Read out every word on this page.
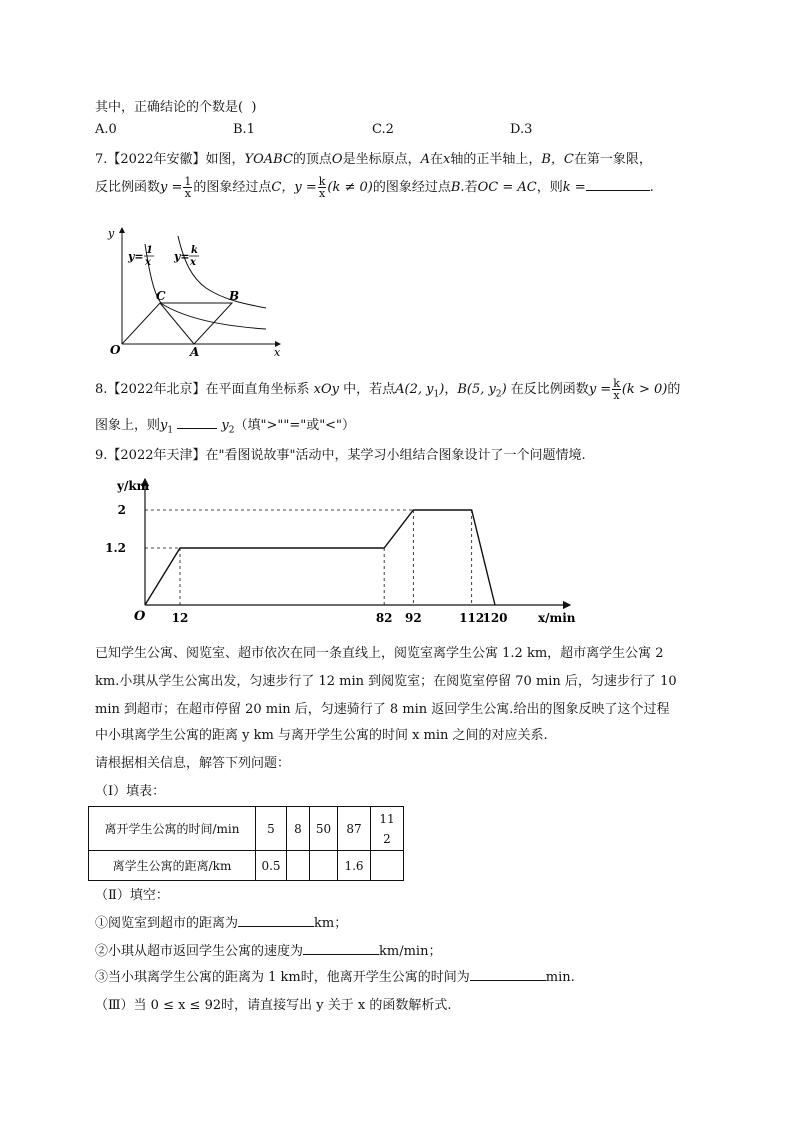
其中，正确结论的个数是(  )
A.0	B.1	C.2	D.3
7.【2022年安徽】如图，YOABC的顶点O是坐标原点，A在x轴的正半轴上，B，C在第一象限，
反比例函数$y = \frac{1}{x}$ 的图象经过点C，$y = \frac{k}{x} (k \ne 0)$的图象经过点B.若OC = AC，则k =	.
y
x
O	A
B
C
y= 1
x y= k
x
8.【2022年北京】在平面直角坐标系 xOy 中，若点A(2, $y_1$)，B(5, $y_2$) 在反比例函数$y = \frac{k}{x} (k > 0)$的
图象上，则$y_1$	$y_2$（填">""="或"<"）
9.【2022年天津】在"看图说故事"活动中，某学习小组结合图象设计了一个问题情境.
y/km
x/min
O
1.2
2
12	82 92	112
120
已知学生公寓、阅览室、超市依次在同一条直线上，阅览室离学生公寓 1.2 km，超市离学生公寓 2
km.小琪从学生公寓出发，匀速步行了 12 min 到阅览室；在阅览室停留 70 min 后，匀速步行了 10
min 到超市；在超市停留 20 min 后，匀速骑行了 8 min 返回学生公寓.给出的图象反映了这个过程
中小琪离学生公寓的距离 y km 与离开学生公寓的时间 x min 之间的对应关系.
请根据相关信息，解答下列问题：
（Ⅰ）填表：
离开学生公寓的时间/min	5	8	50	87	11
2
离学生公寓的距离/km	0.5			1.6	
（Ⅱ）填空：
①阅览室到超市的距离为	km；
②小琪从超市返回学生公寓的速度为	km/min；
③当小琪离学生公寓的距离为 1 km时，他离开学生公寓的时间为	min.
（Ⅲ）当 0 ≤ x ≤ 92时，请直接写出 y 关于 x 的函数解析式.
